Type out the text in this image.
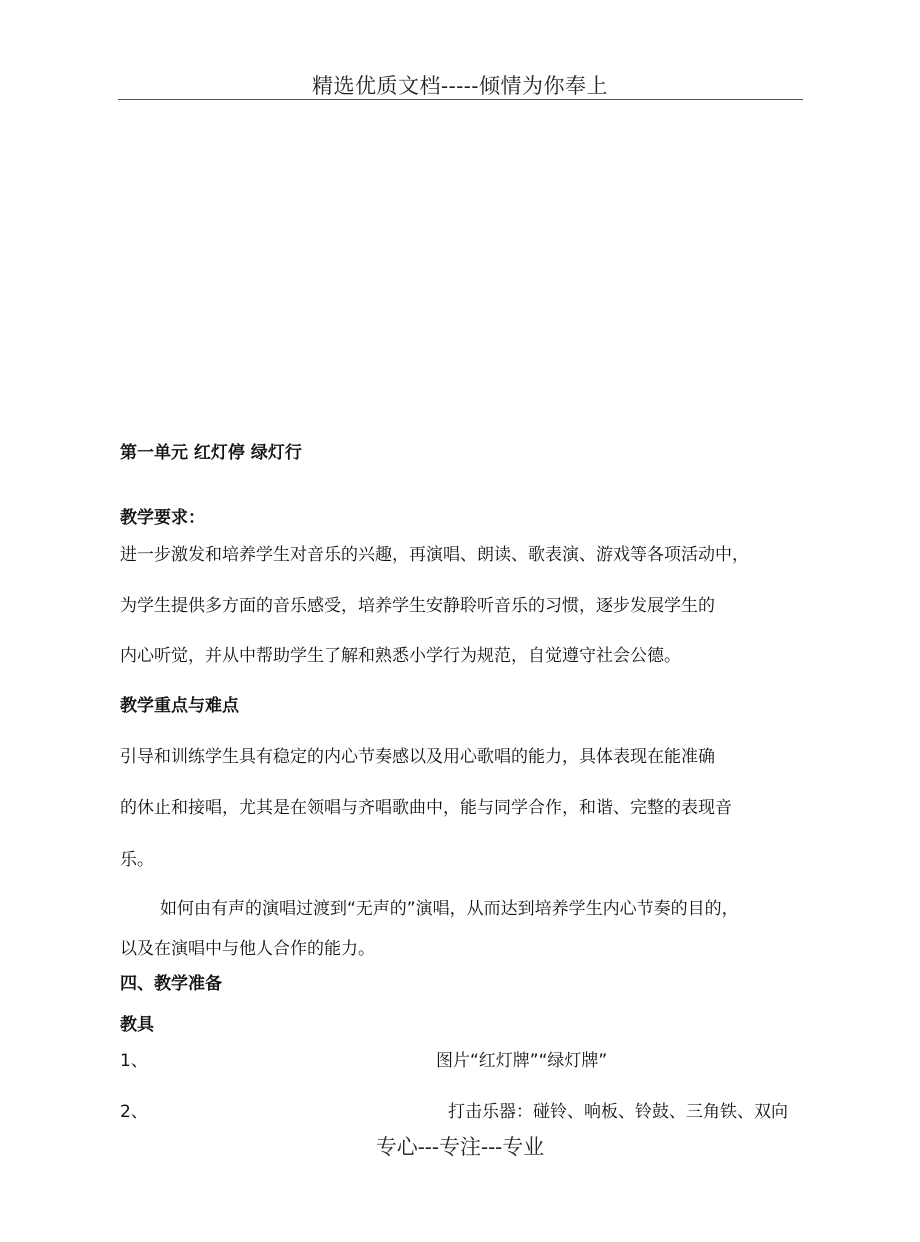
精选优质文档-----倾情为你奉上
第一单元 红灯停 绿灯行
教学要求：
进一步激发和培养学生对音乐的兴趣，再演唱、朗读、歌表演、游戏等各项活动中，
为学生提供多方面的音乐感受，培养学生安静聆听音乐的习惯，逐步发展学生的
内心听觉，并从中帮助学生了解和熟悉小学行为规范，自觉遵守社会公德。
教学重点与难点
引导和训练学生具有稳定的内心节奏感以及用心歌唱的能力，具体表现在能准确
的休止和接唱，尤其是在领唱与齐唱歌曲中，能与同学合作，和谐、完整的表现音
乐。
如何由有声的演唱过渡到“无声的”演唱，从而达到培养学生内心节奏的目的，
以及在演唱中与他人合作的能力。
四、教学准备
教具
1、	图片“红灯牌”“绿灯牌”
2、	打击乐器：碰铃、响板、铃鼓、三角铁、双向
专心---专注---专业
